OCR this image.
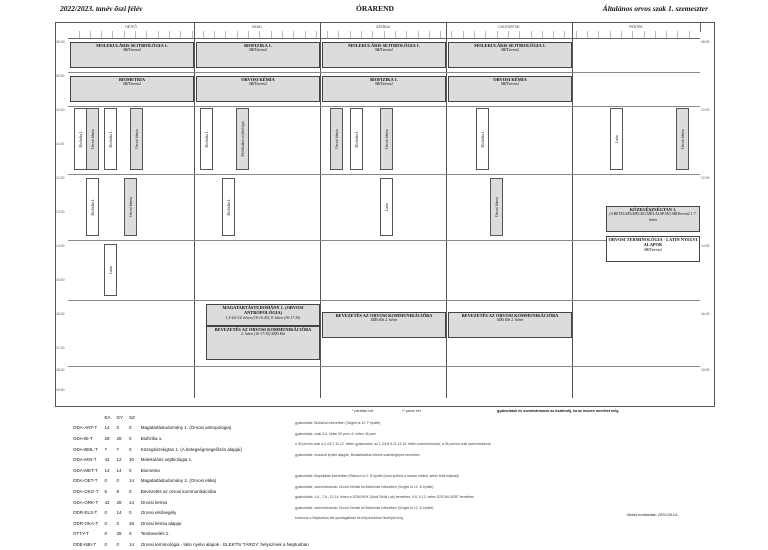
2022/2023. tanév őszi félév	ÓRAREND	Általános orvos szak 1. szemeszter
HÉTFŐ	KEDD	SZERDA	CSÜTÖRTÖK	PÉNTEK
08:00
09:00
10:00
11:00
12:00
13:00
14:00
15:00
16:00
17:00
18:00
19:00
08:00
10:00
12:00
14:00
16:00
18:00
MOLEKULÁRIS SEJTBIOLÓGIA 1.
SBITterem2
BIOFIZIKA 1.
SBITterem2
MOLEKULÁRIS SEJTBIOLÓGIA 1.
SBITterem2
MOLEKULÁRIS SEJTBIOLÓGIA 1.
SBITterem2
BIOMETRIA
SBITterem2
ORVOSI KÉMIA
SBITterem2
BIOFIZIKA 1.
SBITterem2
ORVOSI KÉMIA
SBITterem2
KÖZEGÉSZSÉGTAN 1.
(A BETEGSÉGMEGELŐZÉS ALAPJAI) SBITterem2 1-7. héten
ORVOSI TERMINOLÓGIA - LATIN NYELVI ALAPOK
SBITterem2
MAGATARTÁSTUDOMÁNY 1. (ORVOSI ANTROPOLÓGIA)
1,3-4,6-14. héten (16-16:45), 8. héten (16-17:30)
BEVEZETÉS AZ ORVOSI KOMMUNIKÁCIÓBA
2. héten (16-17:30) SZEt Ebt
BEVEZETÉS AZ ORVOSI KOMMUNIKÁCIÓBA
SZEt Ebt 2. héten
BEVEZETÉS AZ ORVOSI KOMMUNIKÁCIÓBA
SZEt Ebt 2. héten
Biofizika 1. Orvosi kémia	Biofizika 1.	Orvosi kémia	Biofizika 1.	Molekuláris sejtbiológia	Orvosi kémia	Biofizika 1.	Orvosi kémia	Biofizika 1.	Latin	Orvosi kémia
Biofizika 1.
Latin
Orvosi kémia	Biofizika 1.	Latin	Orvosi kémia
* páratlan hét	** páros hét	gyakorlatok és szemináriumok az ösztöndíj, ha az összes meríthet még
	EA	GY	SZ	
ODA-ANT-T	14	0	0	Magatartástudomány 1. (Orvosi antropológia)
ODA-BI-T	28	28	0	Biofizika 1.
ODA-BML-T	7	7	0	Közegészségtan 1. (A betegségmegelőzés alapjai)
ODA-MSI-T	42	12	30	Molekuláris sejtbiológia 1.
ODA-MET-T	14	14	0	Biometria
ODA-OET-T	0	0	14	Magatartástudomány 2. (Orvosi etika)
ODA-OKG-T	6	8	0	Bevezetés az orvosi kommunikációba
ODA-ORK-T	42	28	14	Orvosi kémia
ODR-ELS-T	0	14	0	Orvosi elsősegély
ODR-OKA-T	0	0	28	Orvosi kémia alapjai
OTTY-T	0	28	0	Testnevelés 1.
ODE-NBI-T	0	0	14	Orvosi terminológia - latin nyelvi alapok - ELEKTÍV TÁRGY: helyszínek a Neptunban
gyakorlatok: Biofizikai Intézetben (Szigeti út 12. F épület)
gyakorlatok: csak 3-5. héten 90 perc, 6. héten 45 perc
a 90 perces órák a 2,4,6,7,10,12. héten gyakorlatok, az 1,3,5,8,9,11,13,14. héten szemináriumok, a 45 perces órák szemináriumok
gyakorlatok: elosztott épület alapján, Biostatisztikai Intézet számítógépes termében
gyakorlatok: Alapellátás Intézetben (Rákóczi út 2. B épület (utcai épület) a mozaó melleti, adver földi bejárat))
gyakorlatok, szemináriumok: Orvosi Kémiai és Biokémiai Intézetben (Szigeti út 12. D épület)
gyakorlatok: 1-6., 7-8., 13-14. héten a SZIM MSK (Modl Skills Lab) termében, 9-6, 9-12. héten SZIGIM-GEBT termében
gyakorlatok, szemináriumok: Orvosi Kémiai és Biokémiai Intézetben (Szigeti út 12. D épület)
kurzusok a Neptunban lett sportágakban és időpontokban hirdetjük meg
Utolsó módosítás: 2022.09.14.
